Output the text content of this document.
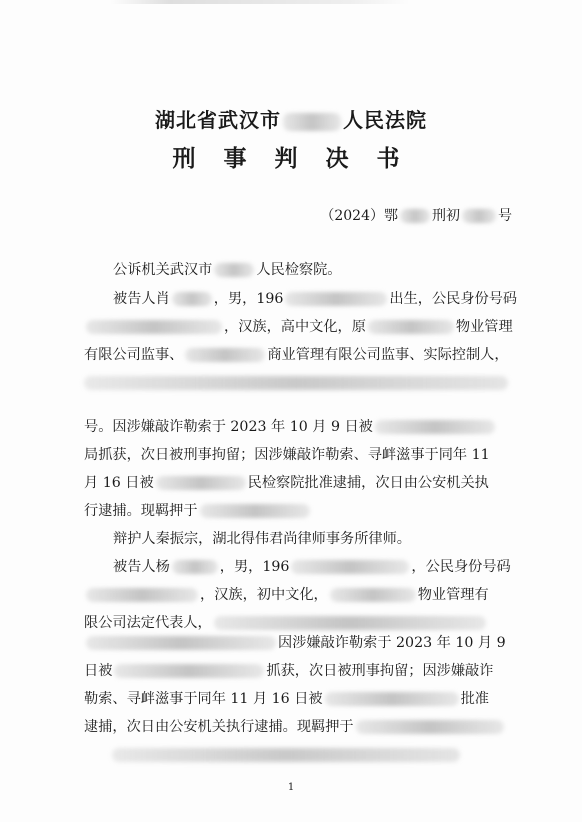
湖北省武汉市	人民法院
刑 事 判 决 书
（2024）鄂 刑初	号
公诉机关武汉市	人民检察院。
被告人肖	，男，196	出生，公民身份号码
，汉族，高中文化，原	物业管理
有限公司监事、	商业管理有限公司监事、实际控制人，
号。因涉嫌敲诈勒索于 2023 年 10 月 9 日被
局抓获，次日被刑事拘留；因涉嫌敲诈勒索、寻衅滋事于同年 11
月 16 日被	民检察院批准逮捕，次日由公安机关执
行逮捕。现羁押于
辩护人秦振宗，湖北得伟君尚律师事务所律师。
被告人杨	，男，196	，公民身份号码
，汉族，初中文化，	物业管理有
限公司法定代表人，
因涉嫌敲诈勒索于 2023 年 10 月 9
日被	抓获，次日被刑事拘留；因涉嫌敲诈
勒索、寻衅滋事于同年 11 月 16 日被	批准
逮捕，次日由公安机关执行逮捕。现羁押于
1
